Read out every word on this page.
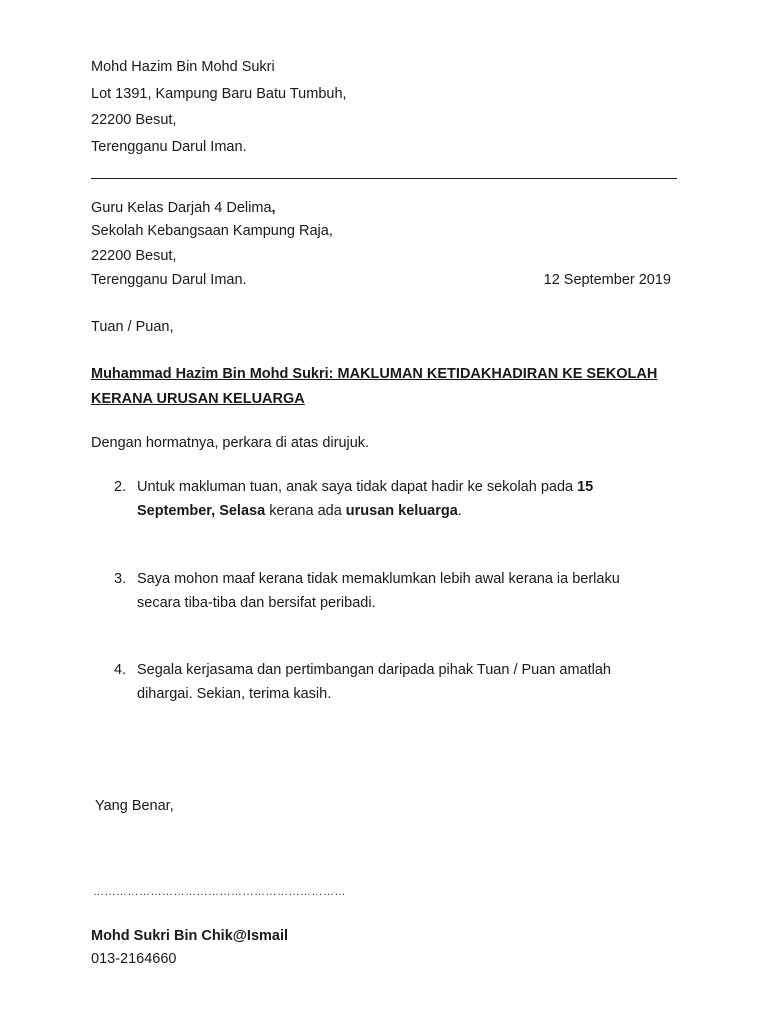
Mohd Hazim Bin Mohd Sukri
Lot 1391, Kampung Baru Batu Tumbuh,
22200 Besut,
Terengganu Darul Iman.
Guru Kelas Darjah 4 Delima,
Sekolah Kebangsaan Kampung Raja,
22200 Besut,
Terengganu Darul Iman.	12 September 2019
Tuan / Puan,
Muhammad Hazim Bin Mohd Sukri: MAKLUMAN KETIDAKHADIRAN KE SEKOLAH
KERANA URUSAN KELUARGA
Dengan hormatnya, perkara di atas dirujuk.
2. Untuk makluman tuan, anak saya tidak dapat hadir ke sekolah pada 15 September, Selasa kerana ada urusan keluarga.
3. Saya mohon maaf kerana tidak memaklumkan lebih awal kerana ia berlaku secara tiba-tiba dan bersifat peribadi.
4. Segala kerjasama dan pertimbangan daripada pihak Tuan / Puan amatlah dihargai. Sekian, terima kasih.
Yang Benar,
…………………………………………………………
Mohd Sukri Bin Chik@Ismail
013-2164660
